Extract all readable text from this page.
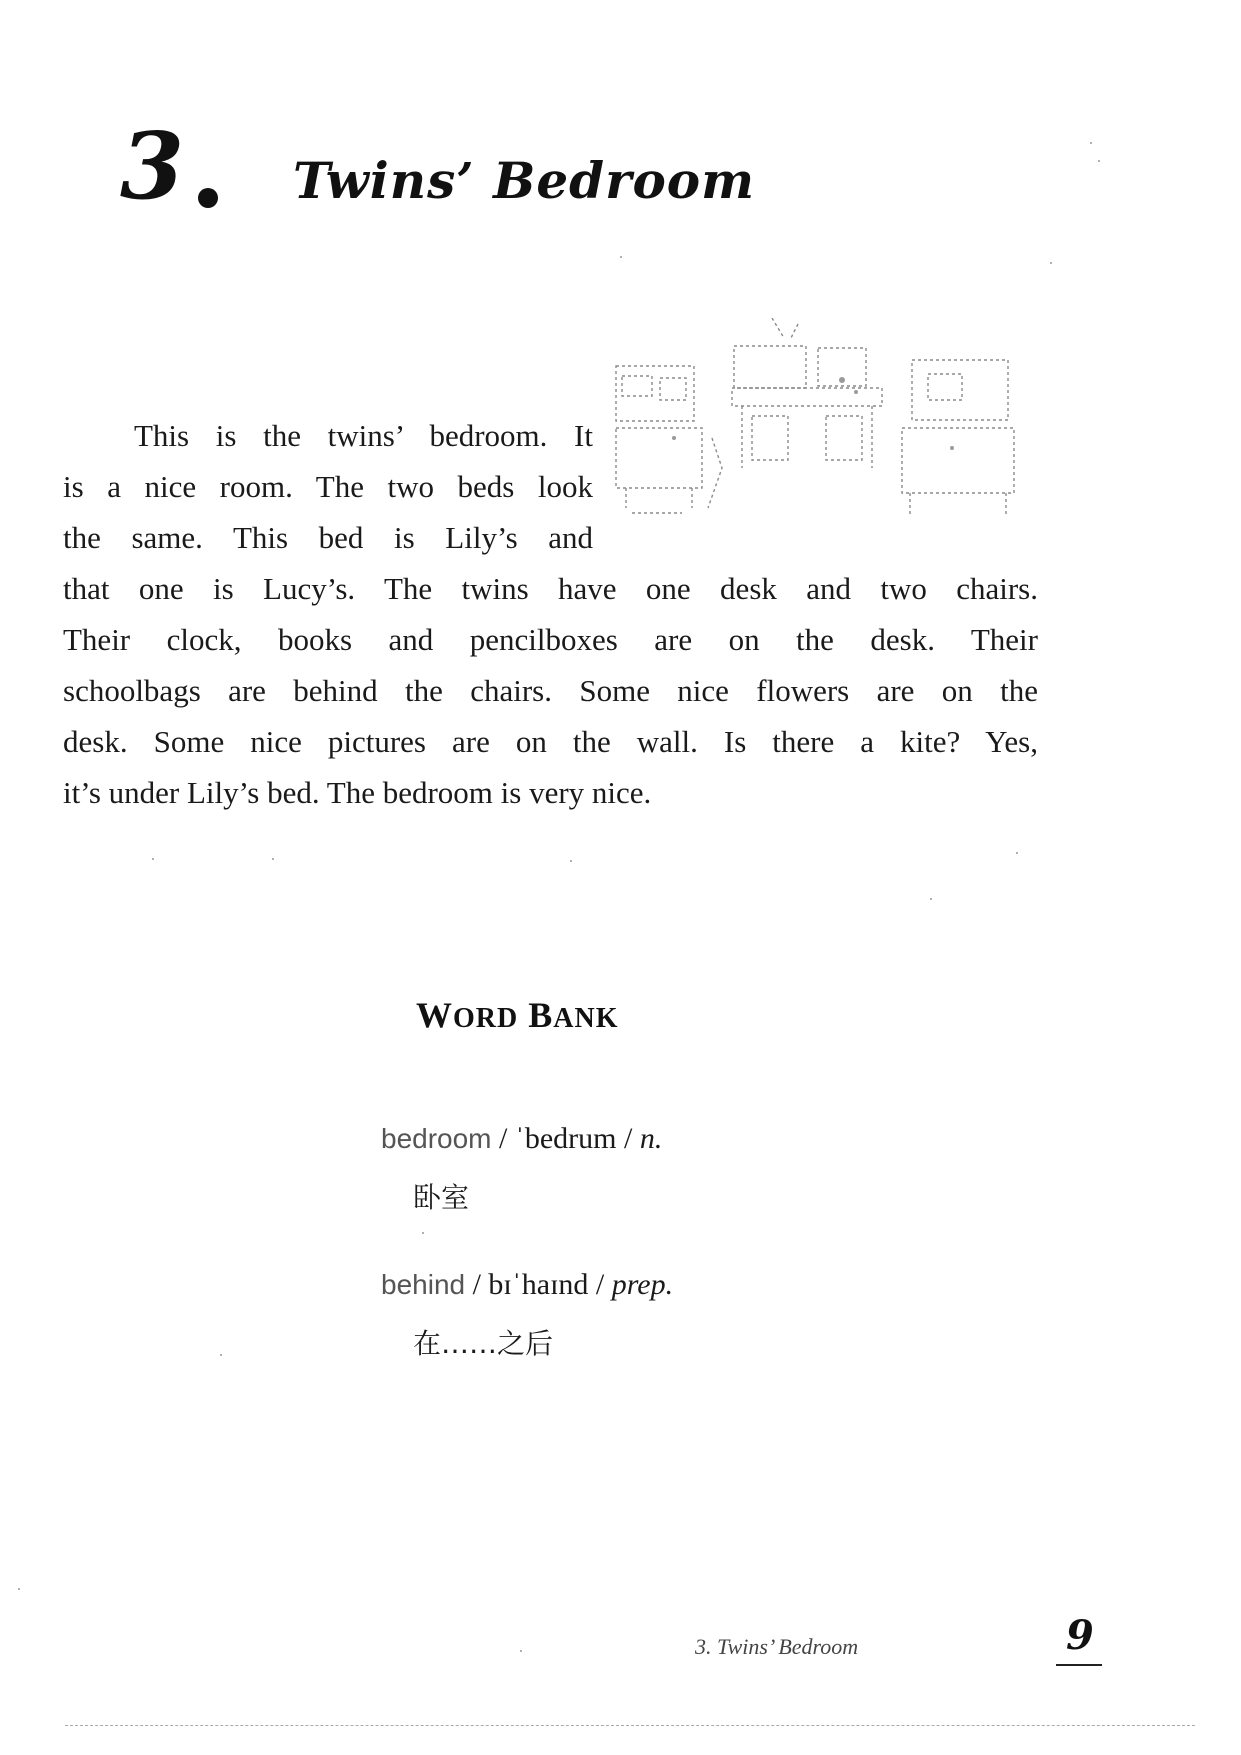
3 Twins’ Bedroom
This is the twins’ bedroom. It
is a nice room. The two beds look
the same. This bed is Lily’s and
that one is Lucy’s. The twins have one desk and two chairs.
Their clock, books and pencilboxes are on the desk. Their
schoolbags are behind the chairs. Some nice flowers are on the
desk. Some nice pictures are on the wall. Is there a kite? Yes,
it’s under Lily’s bed. The bedroom is very nice.
WORD BANK
bedroom / ˈbedrum / n.
卧室
behind / bɪˈhaɪnd / prep.
在……之后
3. Twins’ Bedroom	9
